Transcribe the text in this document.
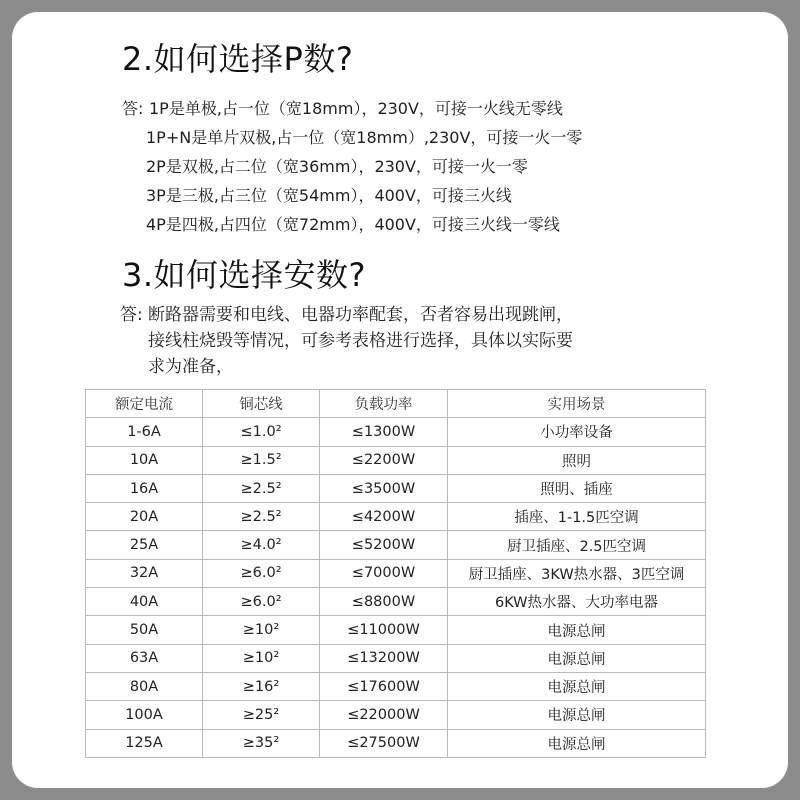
2.如何选择P数?
答: 1P是单极,占一位（宽18mm），230V，可接一火线无零线
1P+N是单片双极,占一位（宽18mm）,230V，可接一火一零
2P是双极,占二位（宽36mm），230V，可接一火一零
3P是三极,占三位（宽54mm），400V，可接三火线
4P是四极,占四位（宽72mm），400V，可接三火线一零线
3.如何选择安数?
答: 断路器需要和电线、电器功率配套，否者容易出现跳闸，
接线柱烧毁等情况，可参考表格进行选择，具体以实际要
求为准备，
额定电流	铜芯线	负载功率	实用场景
1-6A	≤1.0²	≤1300W	小功率设备
10A	≥1.5²	≤2200W	照明
16A	≥2.5²	≤3500W	照明、插座
20A	≥2.5²	≤4200W	插座、1-1.5匹空调
25A	≥4.0²	≤5200W	厨卫插座、2.5匹空调
32A	≥6.0²	≤7000W	厨卫插座、3KW热水器、3匹空调
40A	≥6.0²	≤8800W	6KW热水器、大功率电器
50A	≥10²	≤11000W	电源总闸
63A	≥10²	≤13200W	电源总闸
80A	≥16²	≤17600W	电源总闸
100A	≥25²	≤22000W	电源总闸
125A	≥35²	≤27500W	电源总闸
